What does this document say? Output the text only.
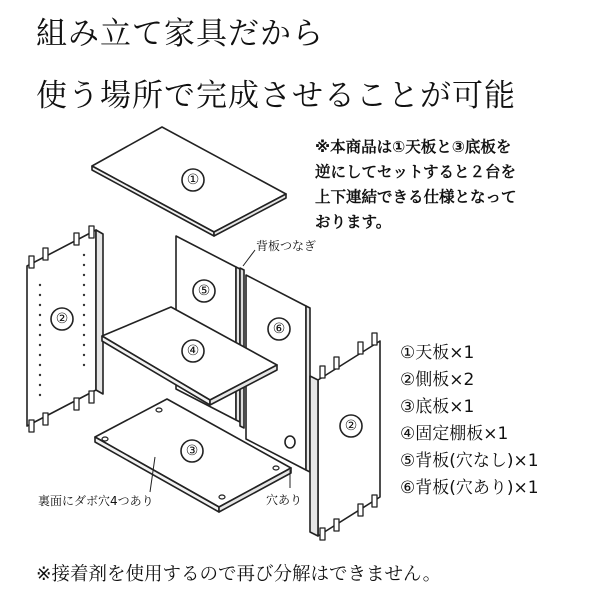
組み立て家具だから
使う場所で完成させることが可能
※本商品は①天板と③底板を
逆にしてセットすると２台を
上下連結できる仕様となって
おります。
①
②
⑤
⑥
④
③
②
背板つなぎ
穴あり
裏面にダボ穴4つあり
①天板×1
②側板×2
③底板×1
④固定棚板×1
⑤背板(穴なし)×1
⑥背板(穴あり)×1
※接着剤を使用するので再び分解はできません。
